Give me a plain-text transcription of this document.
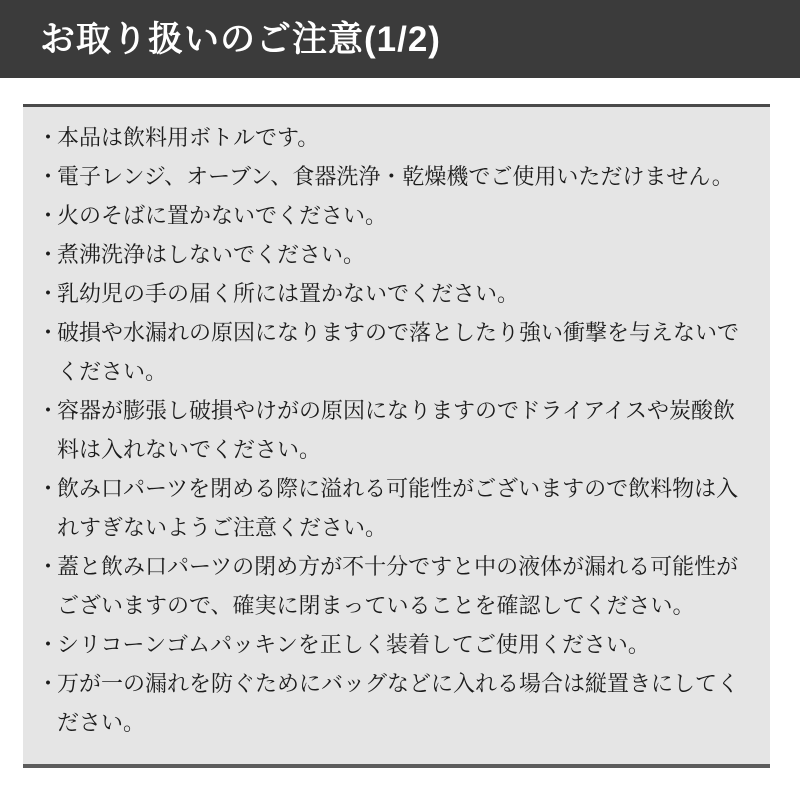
お取り扱いのご注意(1/2)
・
本品は飲料用ボトルです。
・
電子レンジ、オーブン、食器洗浄・乾燥機でご使用いただけません。
・
火のそばに置かないでください。
・
煮沸洗浄はしないでください。
・
乳幼児の手の届く所には置かないでください。
・
破損や水漏れの原因になりますので落としたり強い衝撃を与えないでください。
・
容器が膨張し破損やけがの原因になりますのでドライアイスや炭酸飲料は入れないでください。
・
飲み口パーツを閉める際に溢れる可能性がございますので飲料物は入れすぎないようご注意ください。
・
蓋と飲み口パーツの閉め方が不十分ですと中の液体が漏れる可能性がございますので、確実に閉まっていることを確認してください。
・
シリコーンゴムパッキンを正しく装着してご使用ください。
・
万が一の漏れを防ぐためにバッグなどに入れる場合は縦置きにしてください。
